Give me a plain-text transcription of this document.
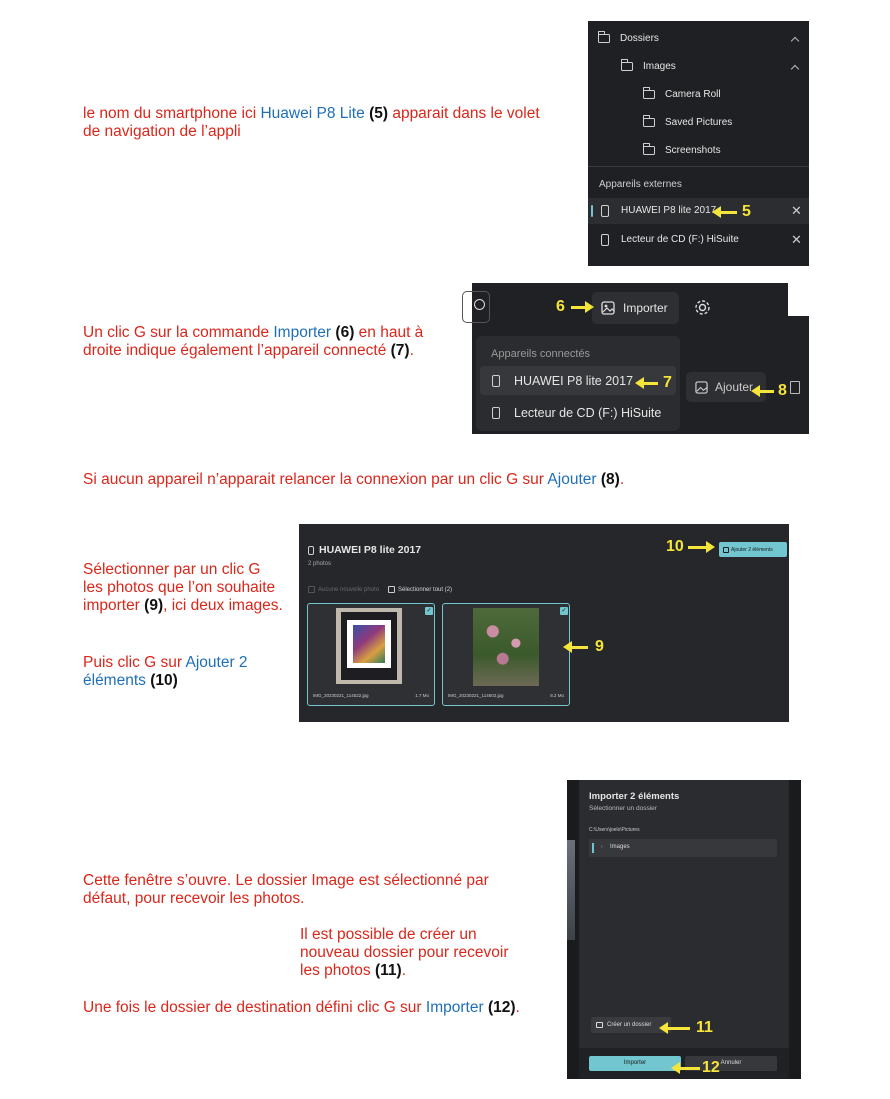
le nom du smartphone ici Huawei P8 Lite (5) apparait dans le volet de navigation de l’appli
Dossiers
Images
Camera Roll
Saved Pictures
Screenshots
Appareils externes
HUAWEI P8 lite 2017	✕
Lecteur de CD (F:) HiSuite	✕
5
Un clic G sur la commande Importer (6) en haut à droite indique également l’appareil connecté (7).
Importer
Appareils connectés
HUAWEI P8 lite 2017
Lecteur de CD (F:) HiSuite
Ajouter
6
7	8
Si aucun appareil n’apparait relancer la connexion par un clic G sur Ajouter (8).
Sélectionner par un clic G les photos que l’on souhaite importer (9), ici deux images.
Puis clic G sur Ajouter 2 éléments (10)
HUAWEI P8 lite 2017
2 photos
Ajouter 2 éléments
Aucune nouvelle photo	Sélectionner tout (2)
✓
IMG_20230221_114522.jpg	1.7 Mo
✓
IMG_20230221_114502.jpg	8.2 Mo
10
9
Cette fenêtre s’ouvre. Le dossier Image est sélectionné par défaut, pour recevoir les photos.
Il est possible de créer un nouveau dossier pour recevoir les photos (11).
Une fois le dossier de destination défini clic G sur Importer (12).
Importer 2 éléments
Sélectionner un dossier
C:\Users\joels\Pictures
› Images
Créer un dossier
Importer	Annuler
11
12
